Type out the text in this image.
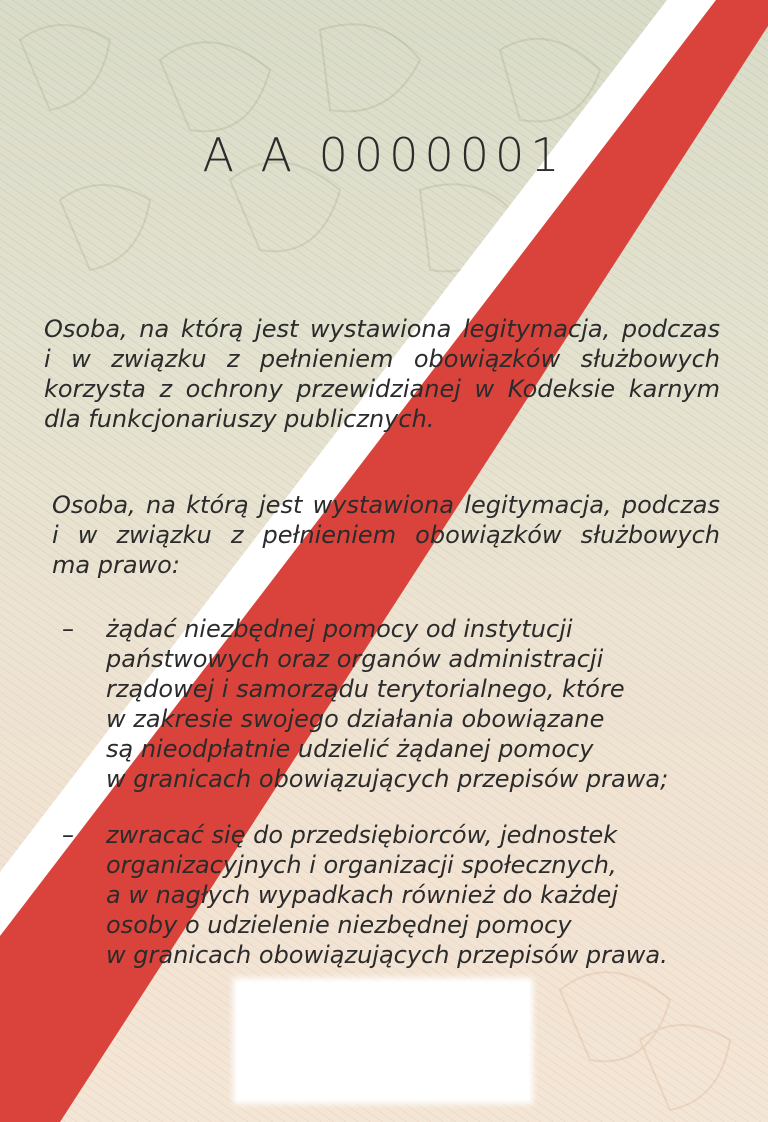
A A 0000001
Osoba, na którą jest wystawiona legitymacja, podczas
i w związku z pełnieniem obowiązków służbowych
korzysta z ochrony przewidzianej w Kodeksie karnym
dla funkcjonariuszy publicznych.
Osoba, na którą jest wystawiona legitymacja, podczas
i w związku z pełnieniem obowiązków służbowych
ma prawo:
– żądać niezbędnej pomocy od instytucji
państwowych oraz organów administracji
rządowej i samorządu terytorialnego, które
w zakresie swojego działania obowiązane
są nieodpłatnie udzielić żądanej pomocy
w granicach obowiązujących przepisów prawa;
– zwracać się do przedsiębiorców, jednostek
organizacyjnych i organizacji społecznych,
a w nagłych wypadkach również do każdej
osoby o udzielenie niezbędnej pomocy
w granicach obowiązujących przepisów prawa.
